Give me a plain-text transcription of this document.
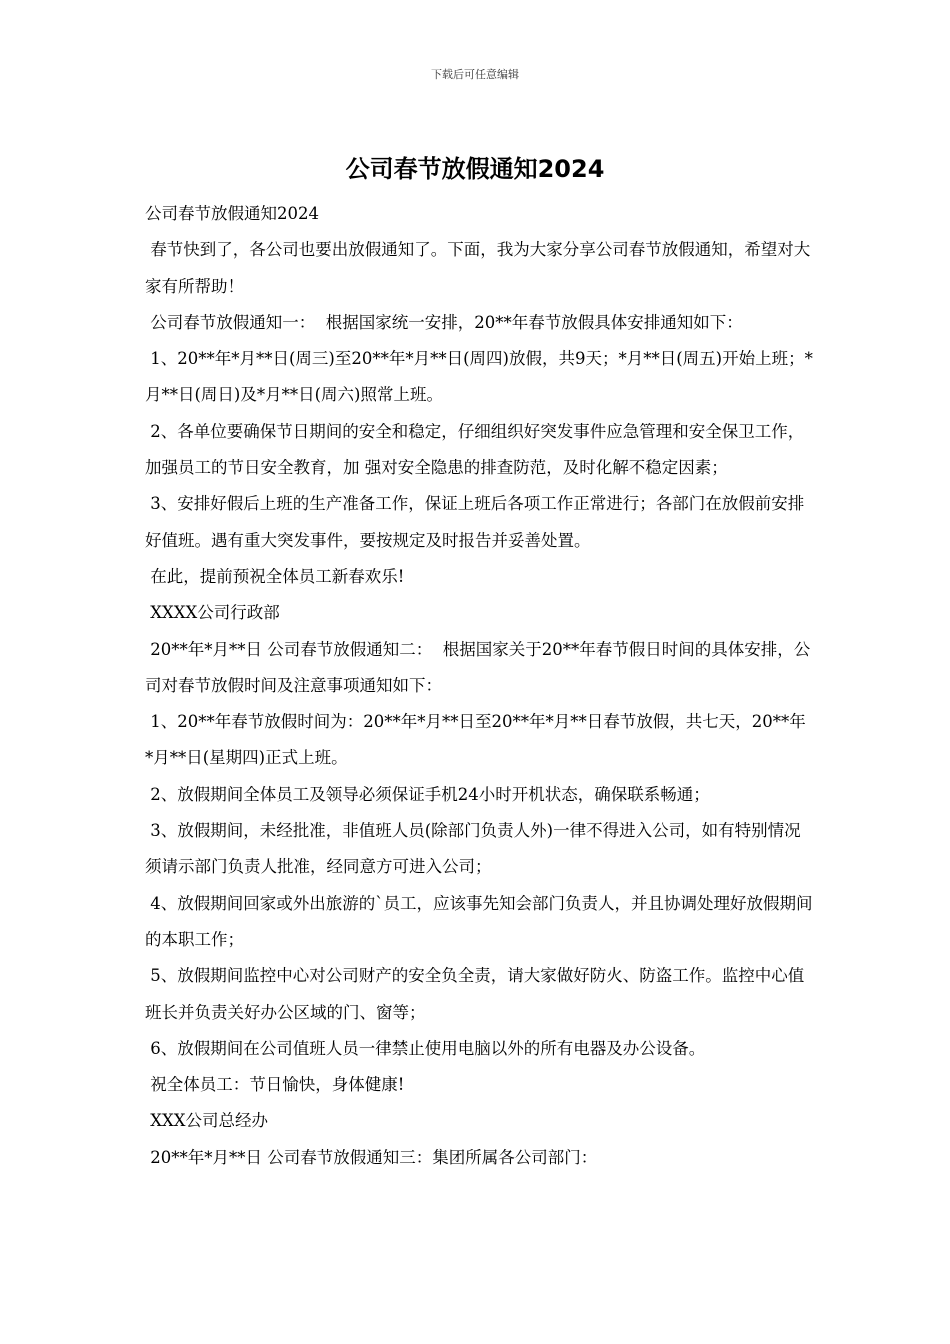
下载后可任意编辑
公司春节放假通知2024

公司春节放假通知2024

春节快到了，各公司也要出放假通知了。下面，我为大家分享公司春节放假通知，希望对大家有所帮助！

公司春节放假通知一：  根据国家统一安排，20**年春节放假具体安排通知如下：

1、20**年*月**日(周三)至20**年*月**日(周四)放假，共9天；*月**日(周五)开始上班；*月**日(周日)及*月**日(周六)照常上班。

2、各单位要确保节日期间的安全和稳定，仔细组织好突发事件应急管理和安全保卫工作，加强员工的节日安全教育，加 强对安全隐患的排查防范，及时化解不稳定因素；

3、安排好假后上班的生产准备工作，保证上班后各项工作正常进行；各部门在放假前安排好值班。遇有重大突发事件，要按规定及时报告并妥善处置。

在此，提前预祝全体员工新春欢乐!

XXXX公司行政部

20**年*月**日 公司春节放假通知二：  根据国家关于20**年春节假日时间的具体安排，公司对春节放假时间及注意事项通知如下：

1、20**年春节放假时间为：20**年*月**日至20**年*月**日春节放假，共七天，20**年*月**日(星期四)正式上班。

2、放假期间全体员工及领导必须保证手机24小时开机状态，确保联系畅通；

3、放假期间，未经批准，非值班人员(除部门负责人外)一律不得进入公司，如有特别情况须请示部门负责人批准，经同意方可进入公司；

4、放假期间回家或外出旅游的`员工，应该事先知会部门负责人，并且协调处理好放假期间的本职工作；

5、放假期间监控中心对公司财产的安全负全责，请大家做好防火、防盗工作。监控中心值班长并负责关好办公区域的门、窗等；

6、放假期间在公司值班人员一律禁止使用电脑以外的所有电器及办公设备。

祝全体员工：节日愉快，身体健康!

XXX公司总经办

20**年*月**日 公司春节放假通知三：集团所属各公司部门：
